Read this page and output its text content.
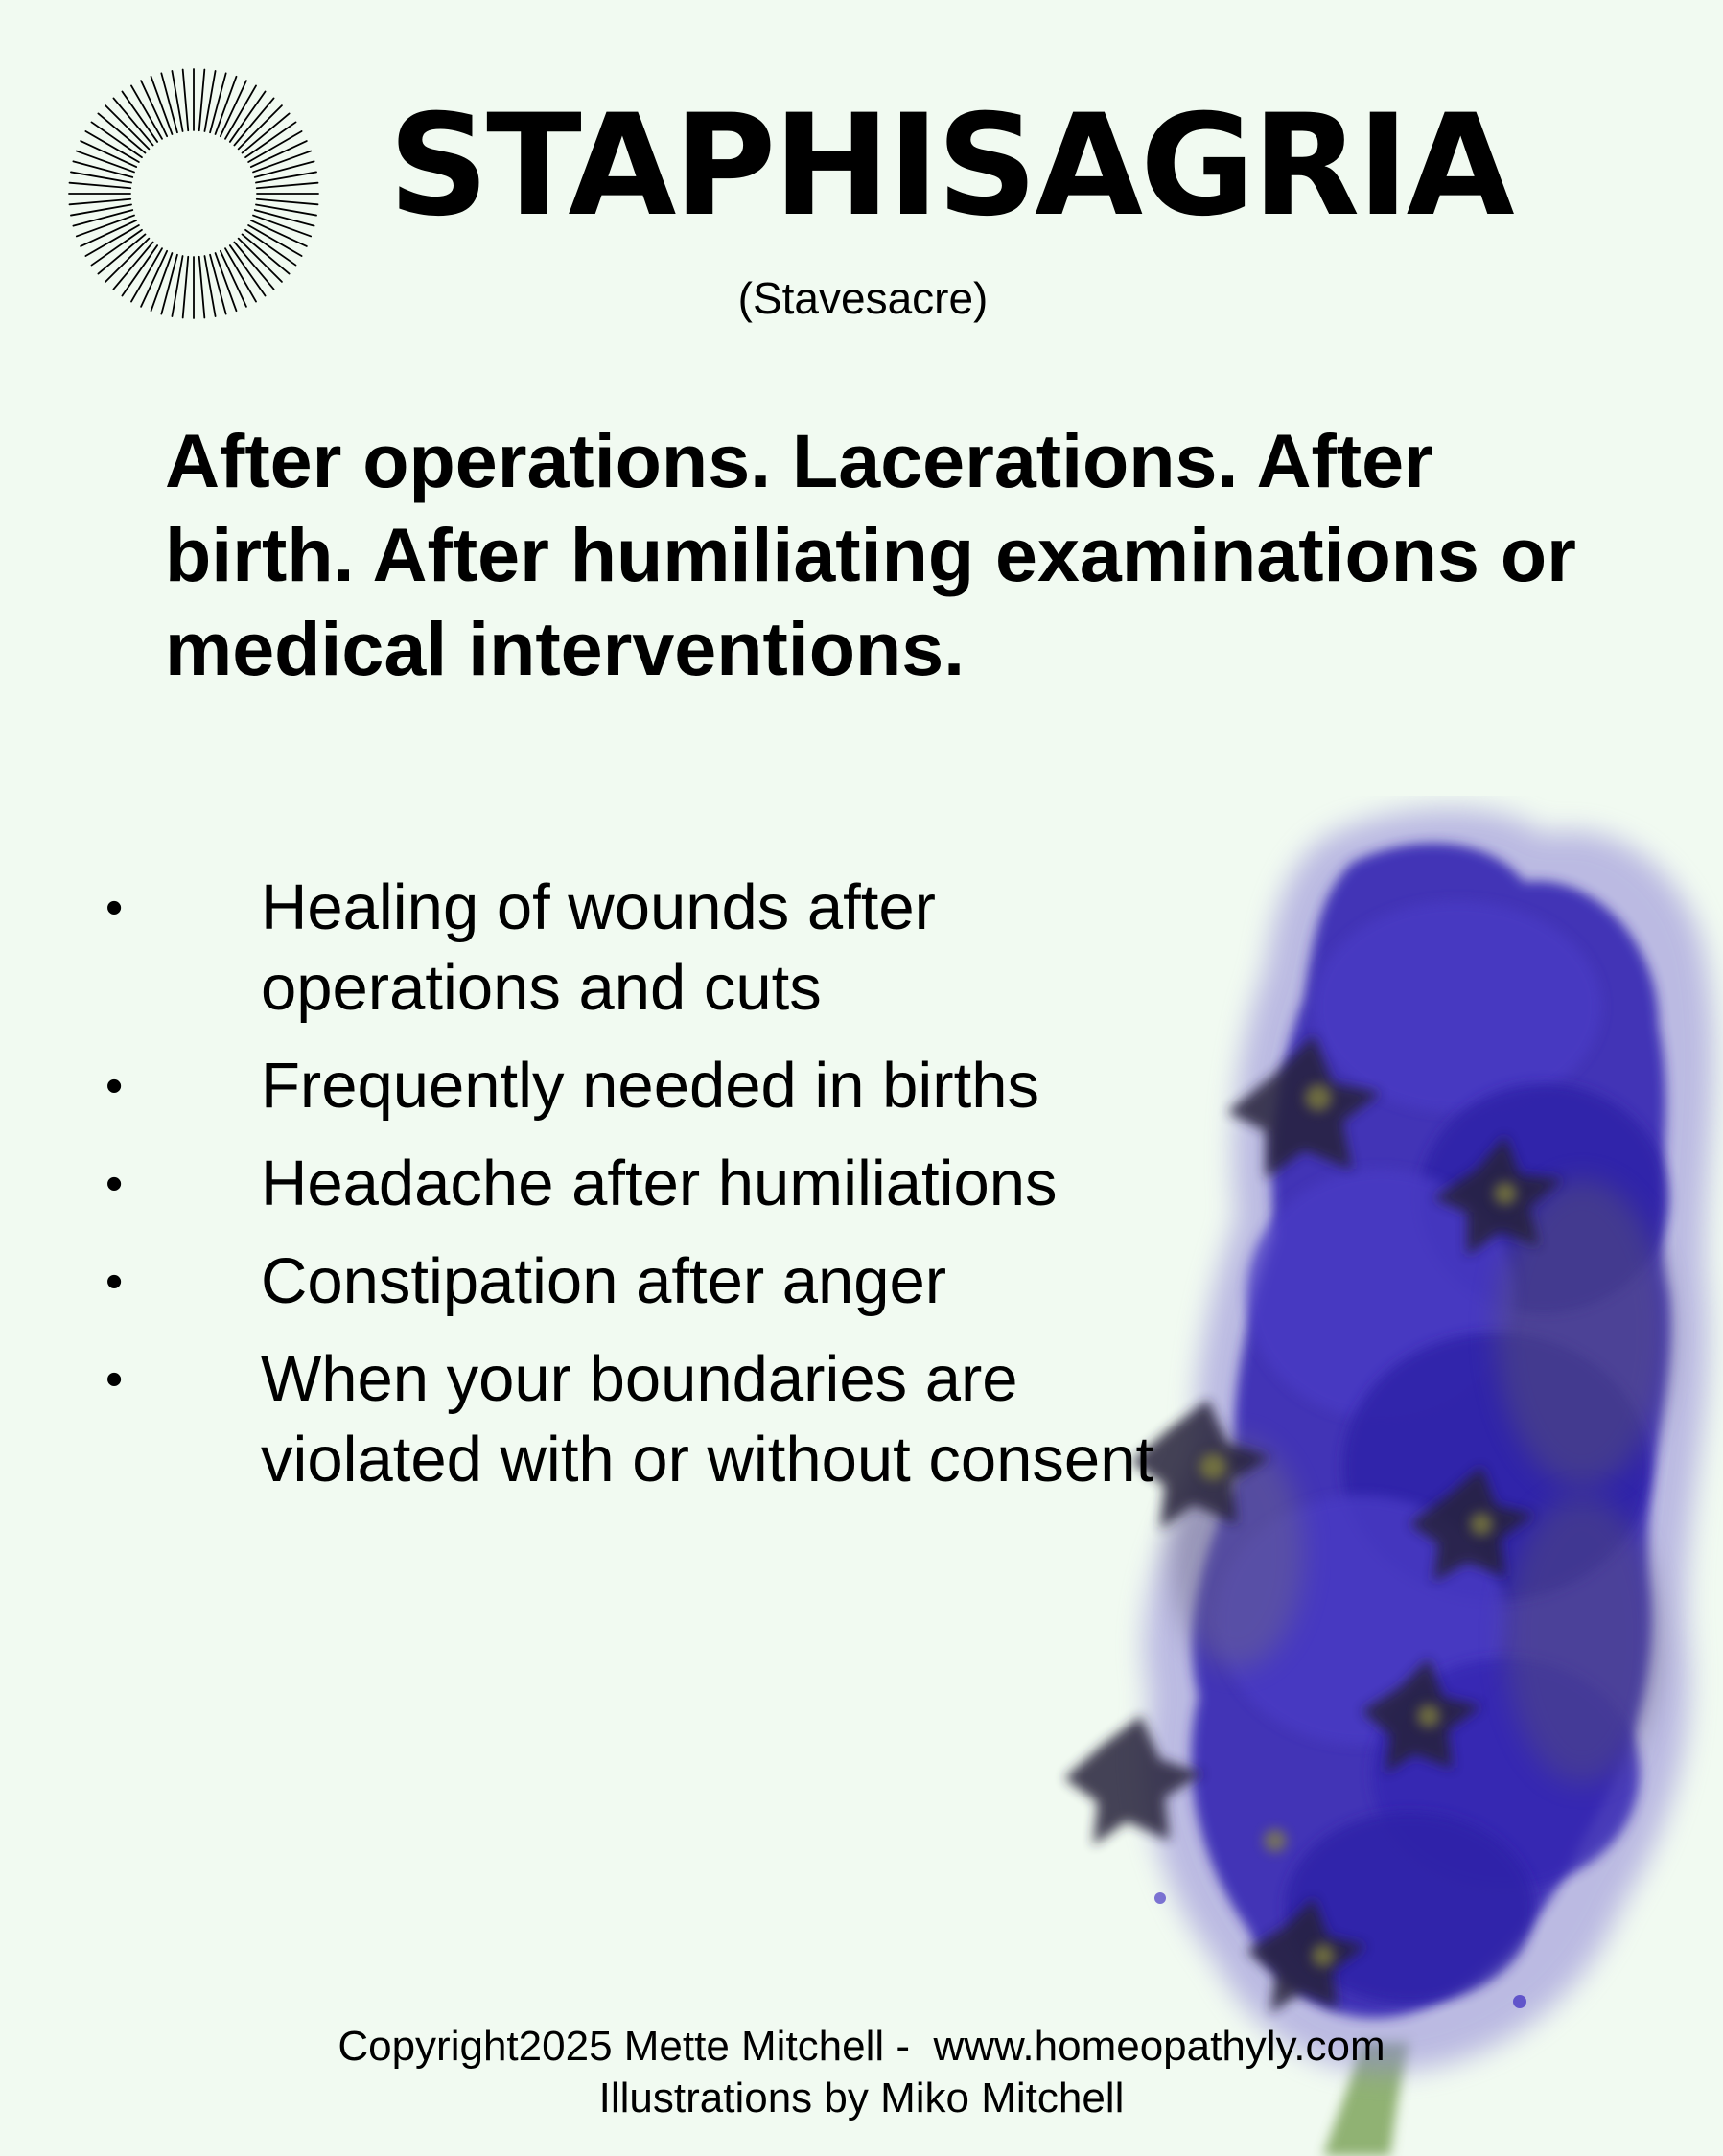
STAPHISAGRIA
(Stavesacre)

After operations. Lacerations. After birth. After humiliating examinations or medical interventions.

• Healing of wounds after operations and cuts
• Frequently needed in births
• Headache after humiliations
• Constipation after anger
• When your boundaries are violated with or without consent
Copyright2025 Mette Mitchell -  www.homeopathyly.com
Illustrations by Miko Mitchell
